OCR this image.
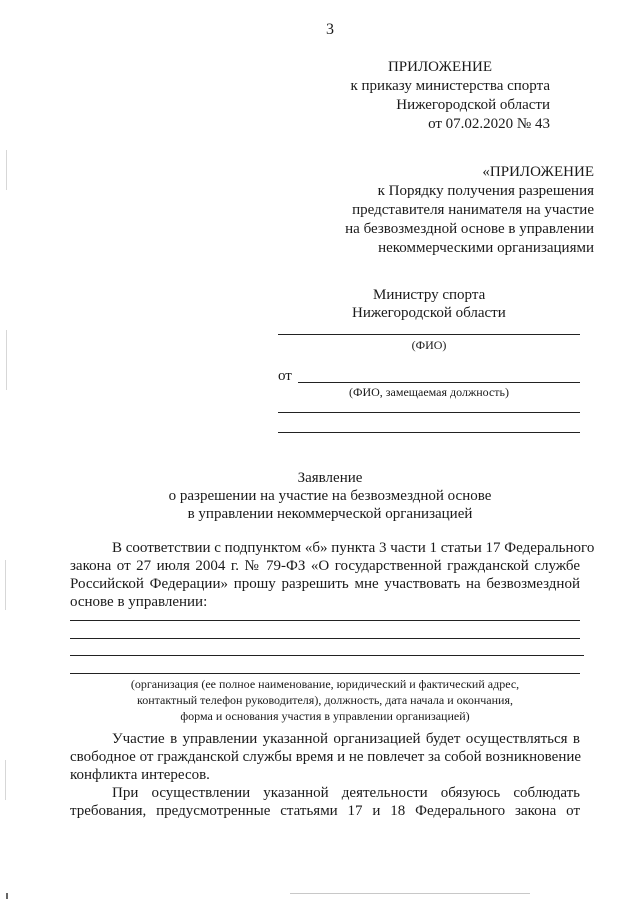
3
ПРИЛОЖЕНИЕ
к приказу министерства спорта
Нижегородской области
от 07.02.2020 № 43
«ПРИЛОЖЕНИЕ
к Порядку получения разрешения
представителя нанимателя на участие
на безвозмездной основе в управлении
некоммерческими организациями
Министру спорта
Нижегородской области
(ФИО)
от
(ФИО, замещаемая должность)
Заявление
о разрешении на участие на безвозмездной основе
в управлении некоммерческой организацией
В соответствии с подпунктом «б» пункта 3 части 1 статьи 17 Федерального
закона от 27 июля 2004 г. № 79-ФЗ «О государственной гражданской службе
Российской Федерации» прошу разрешить мне участвовать на безвозмездной
основе в управлении:
(организация (ее полное наименование, юридический и фактический адрес,
контактный телефон руководителя), должность, дата начала и окончания,
форма и основания участия в управлении организацией)
Участие в управлении указанной организацией будет осуществляться в
свободное от гражданской службы время и не повлечет за собой возникновение
конфликта интересов.
При осуществлении указанной деятельности обязуюсь соблюдать
требования, предусмотренные статьями 17 и 18 Федерального закона от
